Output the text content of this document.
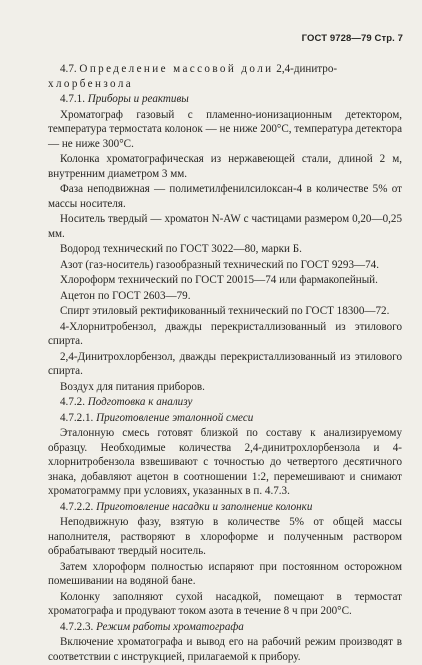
ГОСТ 9728—79 Стр. 7

4.7. Определение массовой доли 2,4-динитро-
хлорбензола

4.7.1. Приборы и реактивы

Хроматограф газовый с пламенно-ионизационным детектором, температура термостата колонок — не ниже 200°С, температура детектора — не ниже 300°С.

Колонка хроматографическая из нержавеющей стали, длиной 2 м, внутренним диаметром 3 мм.

Фаза неподвижная — полиметилфенилсилоксан-4 в количестве 5% от массы носителя.

Носитель твердый — хроматон N-AW с частицами размером 0,20—0,25 мм.

Водород технический по ГОСТ 3022—80, марки Б.

Азот (газ-носитель) газообразный технический по ГОСТ 9293—74.

Хлороформ технический по ГОСТ 20015—74 или фармакопейный.

Ацетон по ГОСТ 2603—79.

Спирт этиловый ректификованный технический по ГОСТ 18300—72.

4-Хлорнитробензол, дважды перекристаллизованный из этилового спирта.

2,4-Динитрохлорбензол, дважды перекристаллизованный из этилового спирта.

Воздух для питания приборов.

4.7.2. Подготовка к анализу

4.7.2.1. Приготовление эталонной смеси

Эталонную смесь готовят близкой по составу к анализируемому образцу. Необходимые количества 2,4-динитрохлорбензола и 4-хлорнитробензола взвешивают с точностью до четвертого десятичного знака, добавляют ацетон в соотношении 1:2, перемешивают и снимают хроматограмму при условиях, указанных в п. 4.7.3.

4.7.2.2. Приготовление насадки и заполнение колонки

Неподвижную фазу, взятую в количестве 5% от общей массы наполнителя, растворяют в хлороформе и полученным раствором обрабатывают твердый носитель.

Затем хлороформ полностью испаряют при постоянном осторожном помешивании на водяной бане.

Колонку заполняют сухой насадкой, помещают в термостат хроматографа и продувают током азота в течение 8 ч при 200°С.

4.7.2.3. Режим работы хроматографа

Включение хроматографа и вывод его на рабочий режим производят в соответствии с инструкцией, прилагаемой к прибору.
